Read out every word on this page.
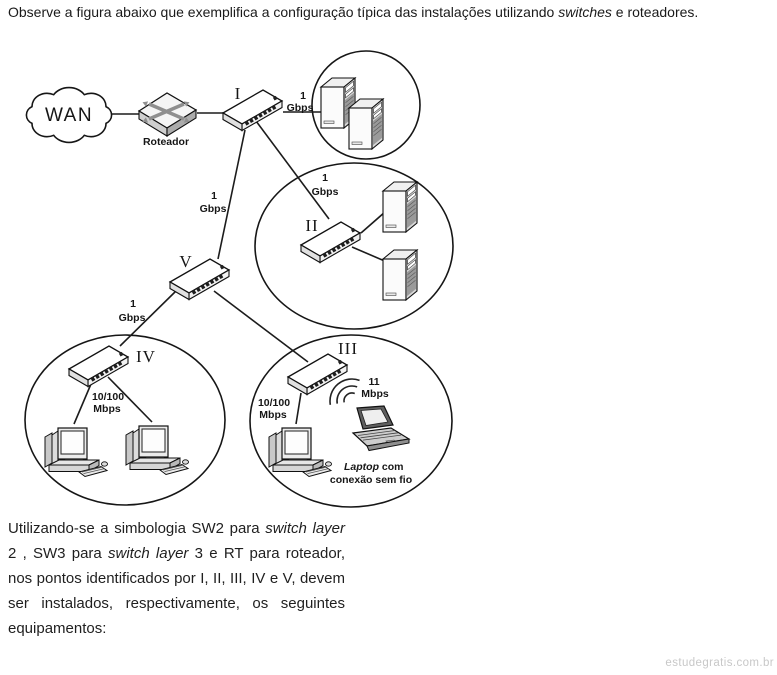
WAN
Roteador
I
II
III
IV
V
1
Gbps
1
Gbps
1
Gbps
1
Gbps
10/100
Mbps	10/100
Mbps
11
Mbps
Laptop com
conexão sem fio

Observe a figura abaixo que exemplifica a configuração típica das instalações utilizando switches e roteadores.

Utilizando-se a simbologia SW2 para switch layer 2 , SW3 para switch layer 3 e RT para roteador, nos pontos identificados por I, II, III, IV e V, devem ser instalados, respectivamente, os seguintes equipamentos:

estudegratis.com.br
